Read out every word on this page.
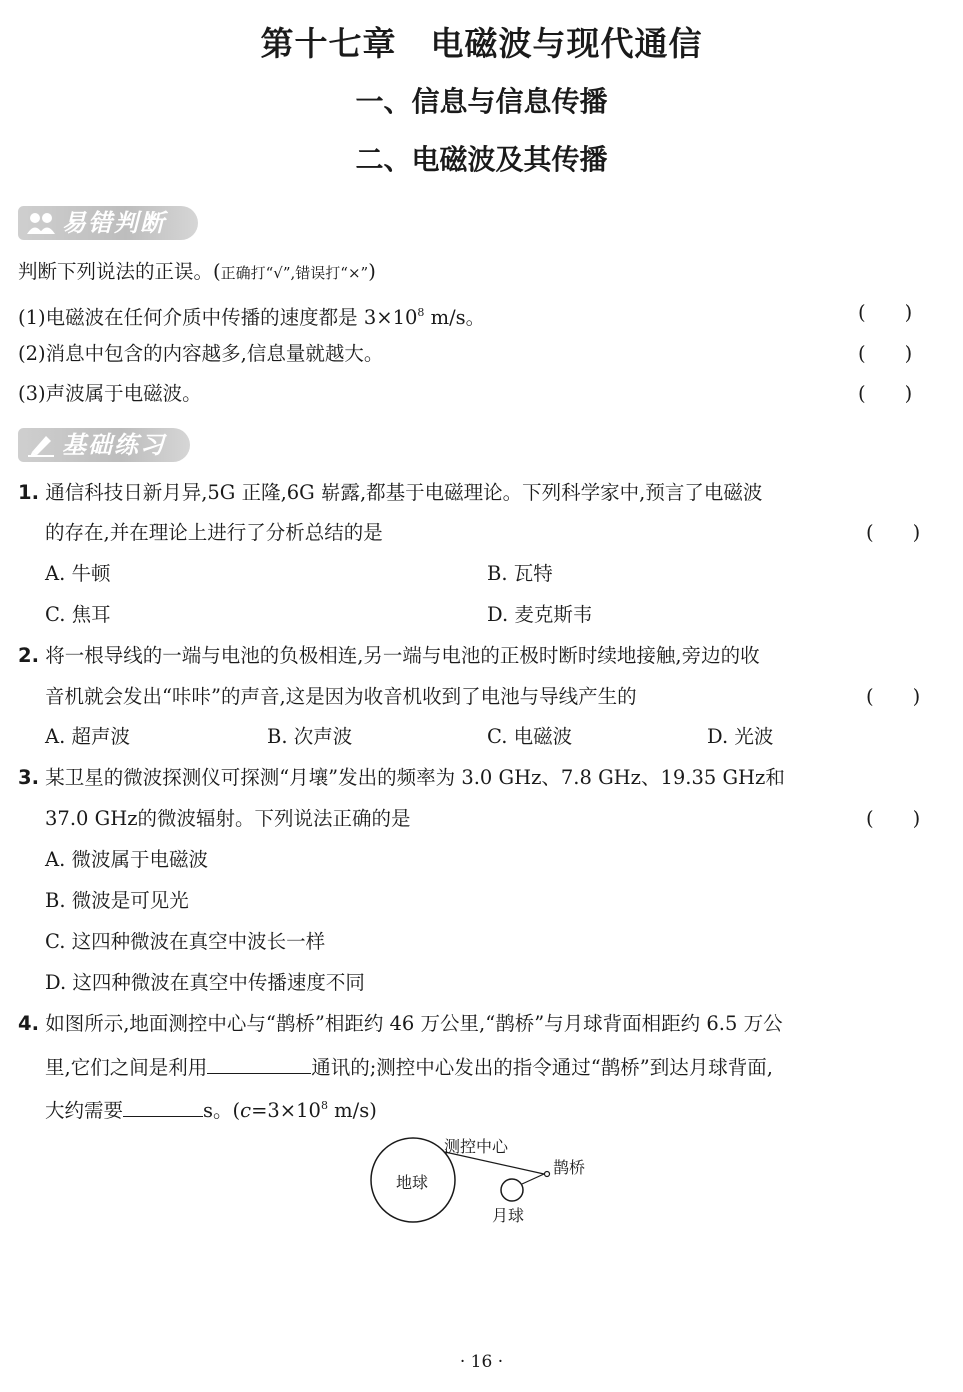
第十七章　电磁波与现代通信
一、信息与信息传播
二、电磁波及其传播
易错判断
判断下列说法的正误。(正确打“√”,错误打“×”)
(1)电磁波在任何介质中传播的速度都是 $3\times 10^8$ m/s。	(　　)
(2)消息中包含的内容越多,信息量就越大。	(　　)
(3)声波属于电磁波。	(　　)
基础练习
1. 通信科技日新月异,5G 正隆,6G 崭露,都基于电磁理论。下列科学家中,预言了电磁波
的存在,并在理论上进行了分析总结的是	(　　)
A. 牛顿	B. 瓦特
C. 焦耳	D. 麦克斯韦
2. 将一根导线的一端与电池的负极相连,另一端与电池的正极时断时续地接触,旁边的收
音机就会发出“咔咔”的声音,这是因为收音机收到了电池与导线产生的	(　　)
A. 超声波	B. 次声波	C. 电磁波	D. 光波
3. 某卫星的微波探测仪可探测“月壤”发出的频率为 3.0 GHz、7.8 GHz、19.35 GHz和
37.0 GHz的微波辐射。下列说法正确的是	(　　)
A. 微波属于电磁波
B. 微波是可见光
C. 这四种微波在真空中波长一样
D. 这四种微波在真空中传播速度不同
4. 如图所示,地面测控中心与“鹊桥”相距约 46 万公里,“鹊桥”与月球背面相距约 6.5 万公
里,它们之间是利用	通讯的;测控中心发出的指令通过“鹊桥”到达月球背面,
大约需要	s。($c=3\times 10^8$ m/s)
地球
测控中心
鹊桥
月球
· 16 ·
